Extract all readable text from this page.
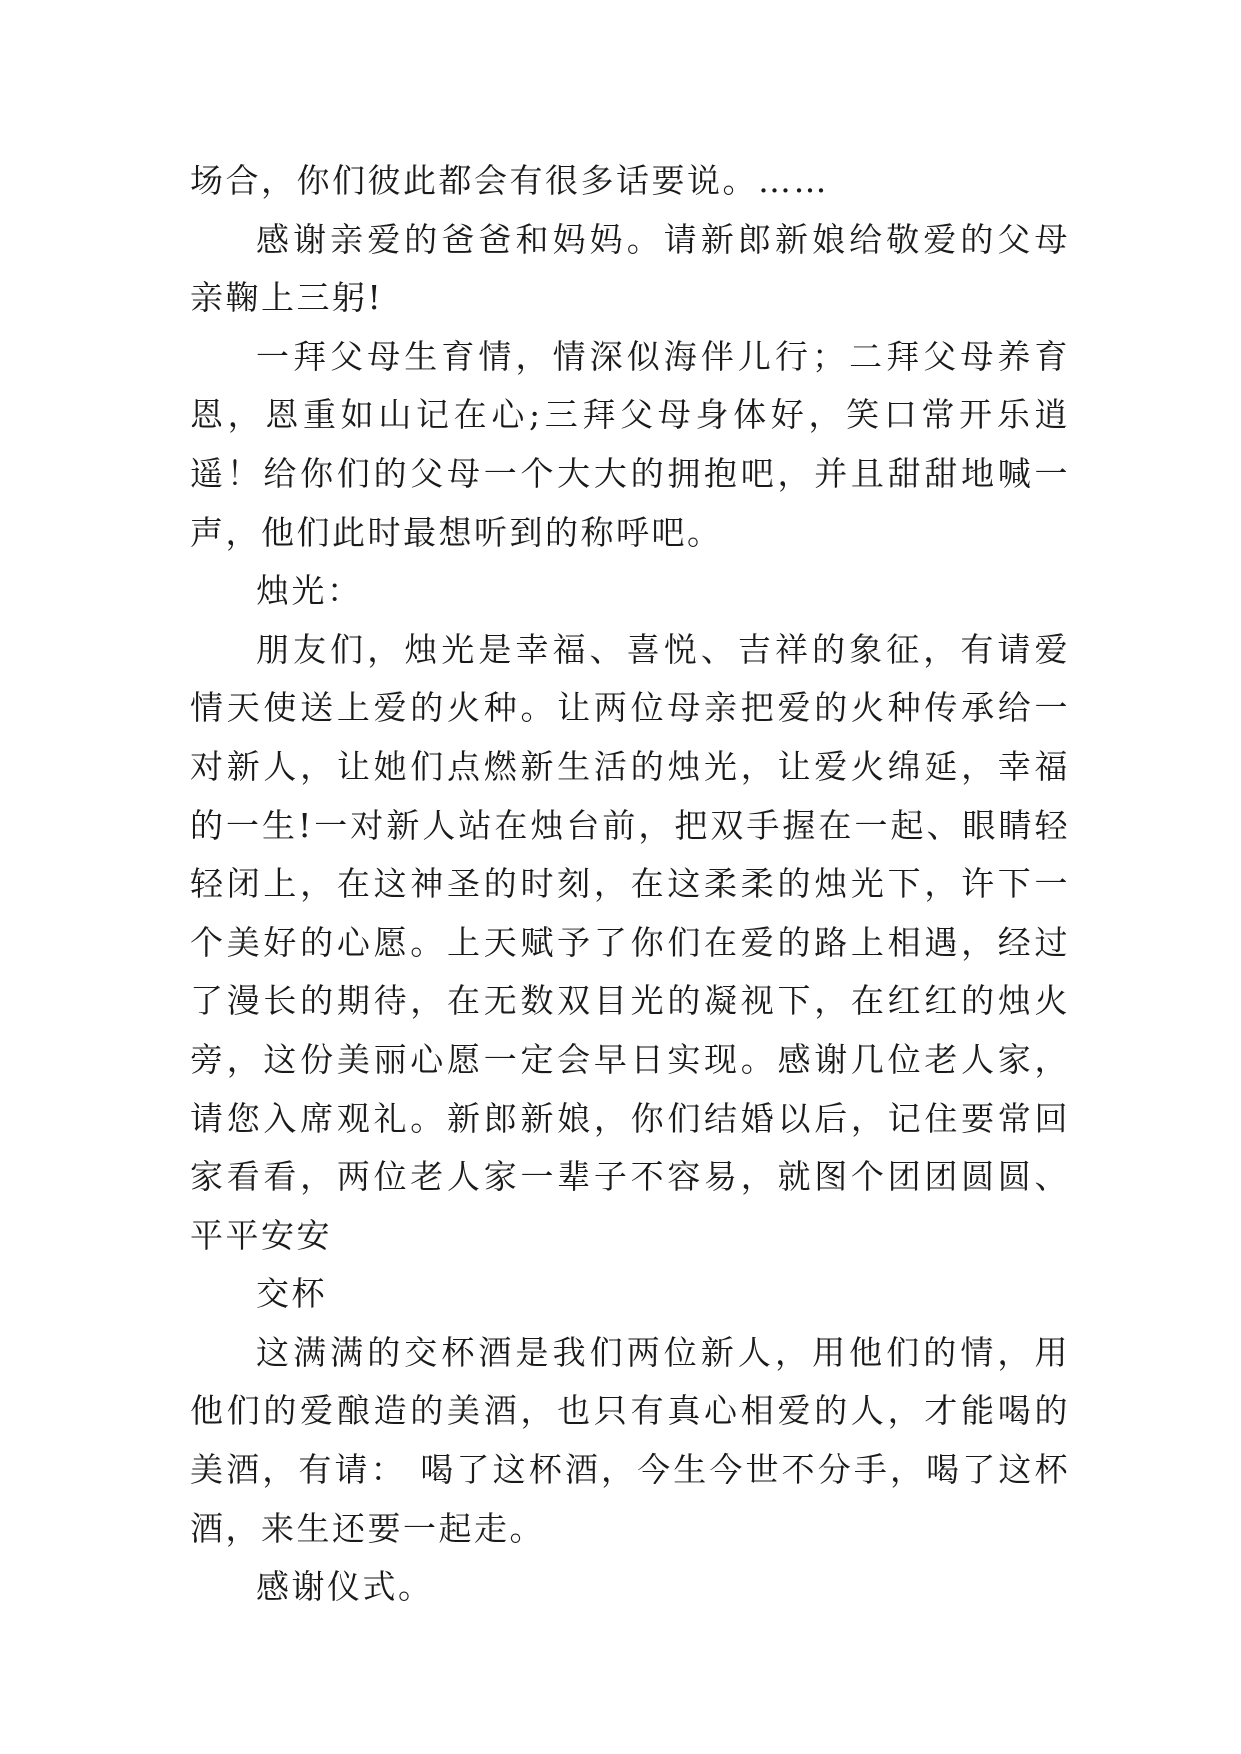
场合，你们彼此都会有很多话要说。……

感谢亲爱的爸爸和妈妈。请新郎新娘给敬爱的父母亲鞠上三躬!

一拜父母生育情，情深似海伴儿行；二拜父母养育恩，恩重如山记在心;三拜父母身体好，笑口常开乐逍遥！给你们的父母一个大大的拥抱吧，并且甜甜地喊一声，他们此时最想听到的称呼吧。

烛光：

朋友们，烛光是幸福、喜悦、吉祥的象征，有请爱情天使送上爱的火种。让两位母亲把爱的火种传承给一对新人，让她们点燃新生活的烛光，让爱火绵延，幸福的一生!一对新人站在烛台前，把双手握在一起、眼睛轻轻闭上，在这神圣的时刻，在这柔柔的烛光下，许下一个美好的心愿。上天赋予了你们在爱的路上相遇，经过了漫长的期待，在无数双目光的凝视下，在红红的烛火旁，这份美丽心愿一定会早日实现。感谢几位老人家，请您入席观礼。新郎新娘，你们结婚以后，记住要常回家看看，两位老人家一辈子不容易，就图个团团圆圆、平平安安

交杯

这满满的交杯酒是我们两位新人，用他们的情，用他们的爱酿造的美酒，也只有真心相爱的人，才能喝的美酒，有请： 喝了这杯酒，今生今世不分手，喝了这杯酒，来生还要一起走。

感谢仪式。
